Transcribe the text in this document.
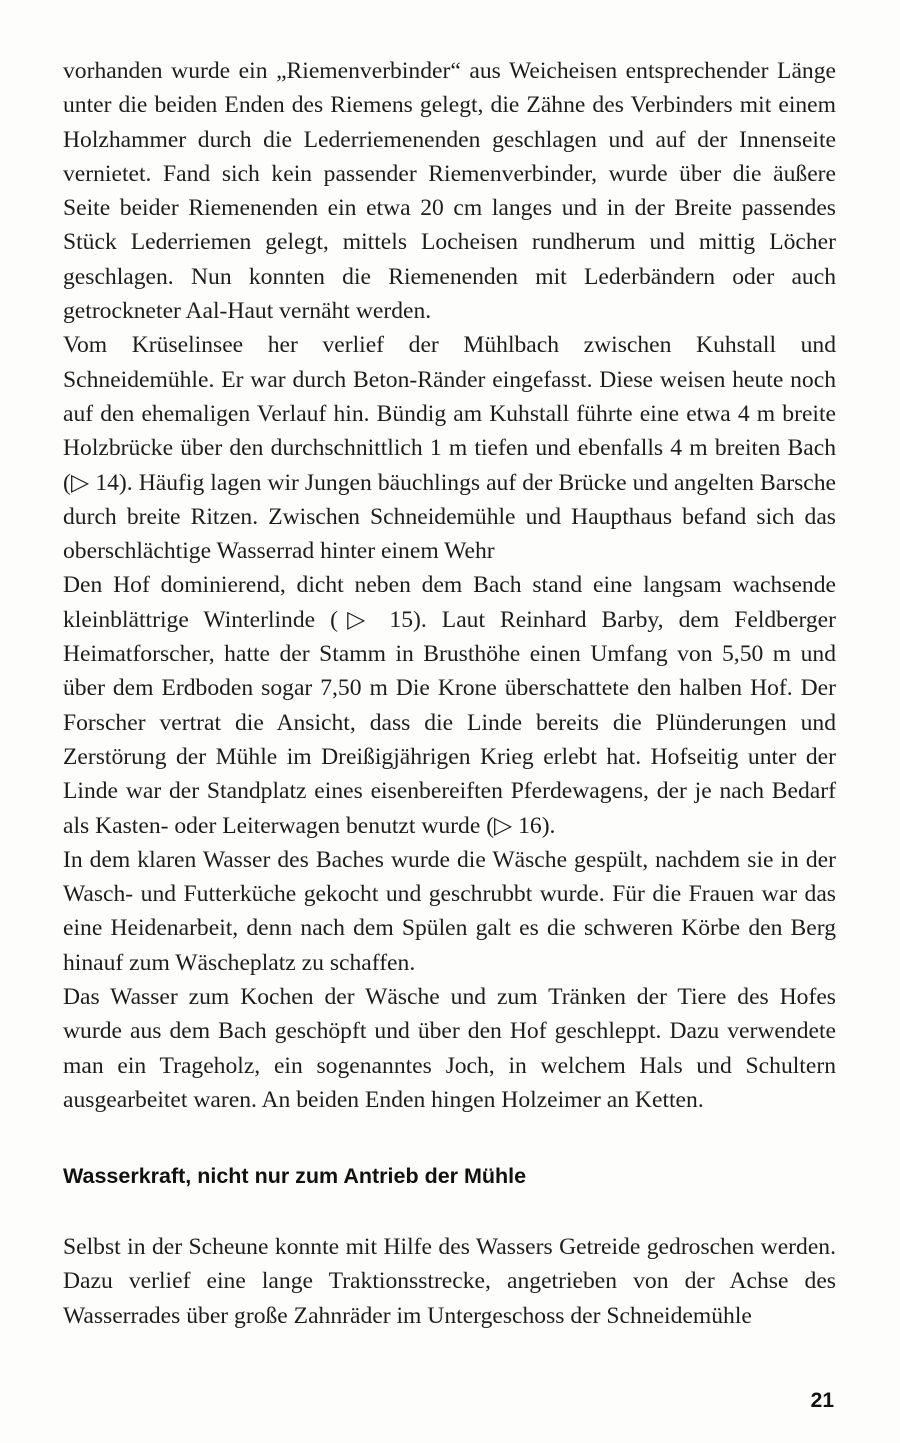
vorhanden wurde ein „Riemenverbinder“ aus Weicheisen entsprechender Länge unter die beiden Enden des Riemens gelegt, die Zähne des Verbinders mit einem Holzhammer durch die Lederriemenenden geschlagen und auf der Innenseite vernietet. Fand sich kein passender Riemenverbinder, wurde über die äußere Seite beider Riemenenden ein etwa 20 cm langes und in der Breite passendes Stück Lederriemen gelegt, mittels Locheisen rundherum und mittig Löcher geschlagen. Nun konnten die Riemenenden mit Lederbändern oder auch getrockneter Aal-Haut vernäht werden.

Vom Krüselinsee her verlief der Mühlbach zwischen Kuhstall und Schneidemühle. Er war durch Beton-Ränder eingefasst. Diese weisen heute noch auf den ehemaligen Verlauf hin. Bündig am Kuhstall führte eine etwa 4 m breite Holzbrücke über den durchschnittlich 1 m tiefen und ebenfalls 4 m breiten Bach (▷ 14). Häufig lagen wir Jungen bäuchlings auf der Brücke und angelten Barsche durch breite Ritzen. Zwischen Schneidemühle und Haupthaus befand sich das oberschlächtige Wasserrad hinter einem Wehr

Den Hof dominierend, dicht neben dem Bach stand eine langsam wachsende kleinblättrige Winterlinde (▷ 15). Laut Reinhard Barby, dem Feldberger Heimatforscher, hatte der Stamm in Brusthöhe einen Umfang von 5,50 m und über dem Erdboden sogar 7,50 m Die Krone überschattete den halben Hof. Der Forscher vertrat die Ansicht, dass die Linde bereits die Plünderungen und Zerstörung der Mühle im Dreißigjährigen Krieg erlebt hat. Hofseitig unter der Linde war der Standplatz eines eisenbereiften Pferdewagens, der je nach Bedarf als Kasten- oder Leiterwagen benutzt wurde (▷ 16).

In dem klaren Wasser des Baches wurde die Wäsche gespült, nachdem sie in der Wasch- und Futterküche gekocht und geschrubbt wurde. Für die Frauen war das eine Heidenarbeit, denn nach dem Spülen galt es die schweren Körbe den Berg hinauf zum Wäscheplatz zu schaffen.

Das Wasser zum Kochen der Wäsche und zum Tränken der Tiere des Hofes wurde aus dem Bach geschöpft und über den Hof geschleppt. Dazu verwendete man ein Trageholz, ein sogenanntes Joch, in welchem Hals und Schultern ausgearbeitet waren. An beiden Enden hingen Holzeimer an Ketten.

Wasserkraft, nicht nur zum Antrieb der Mühle

Selbst in der Scheune konnte mit Hilfe des Wassers Getreide gedroschen werden. Dazu verlief eine lange Traktionsstrecke, angetrieben von der Achse des Wasserrades über große Zahnräder im Untergeschoss der Schneidemühle

21
